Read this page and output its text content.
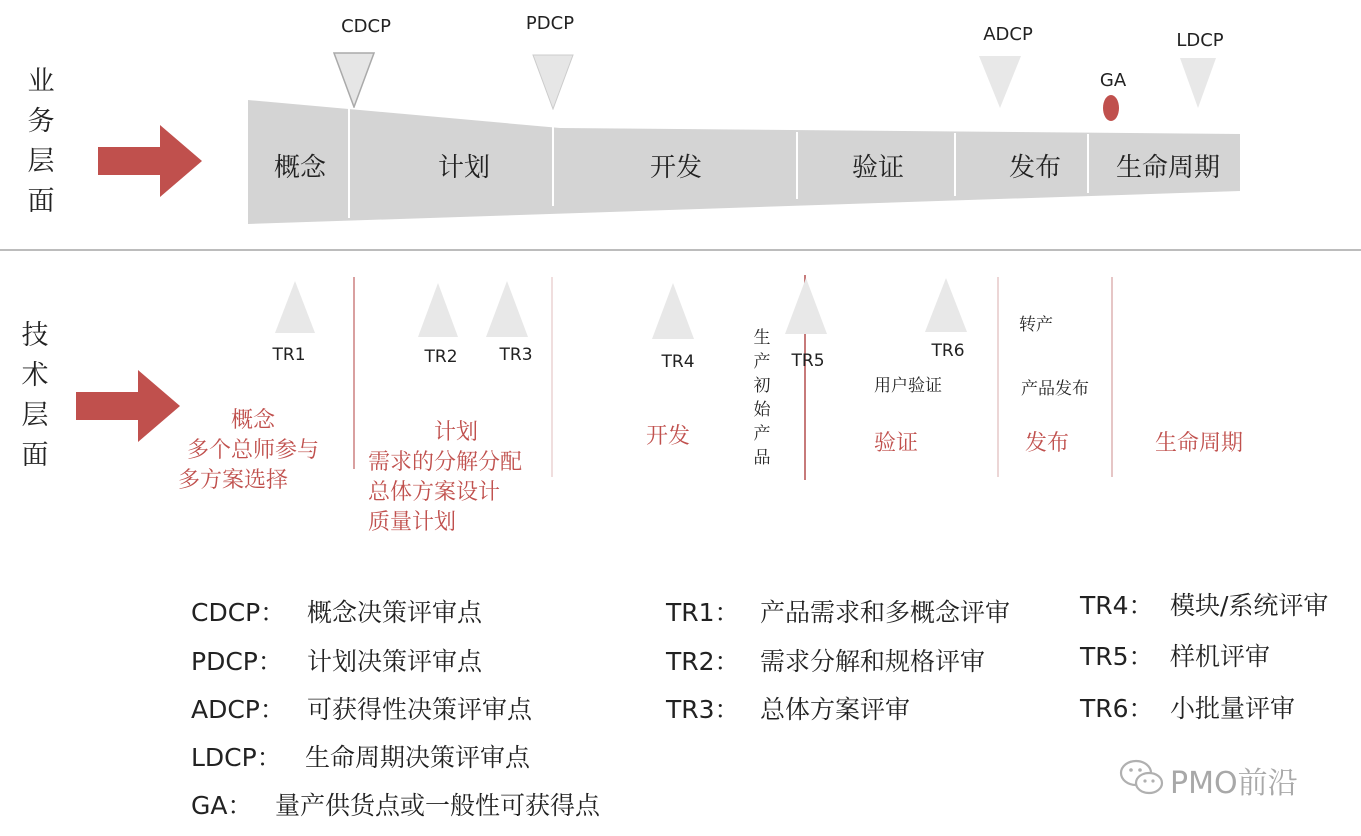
业
务
层
面
概念	计划	开发	验证	发布 生命周期
CDCP	PDCP
ADCP	LDCP
GA
技
术
层
面
TR1	TR2 TR3	TR4	TR5	TR6
概念
多个总师参与
多方案选择
计划
需求的分解分配
总体方案设计
质量计划
开发
生
产
初
始
产
品
用户验证
验证
转产
产品发布
发布	生命周期
CDCP： 概念决策评审点
PDCP： 计划决策评审点
ADCP： 可获得性决策评审点
LDCP： 生命周期决策评审点
GA： 量产供货点或一般性可获得点
TR1： 产品需求和多概念评审
TR2： 需求分解和规格评审
TR3： 总体方案评审
TR4： 模块/系统评审
TR5： 样机评审
TR6： 小批量评审
PMO前沿
